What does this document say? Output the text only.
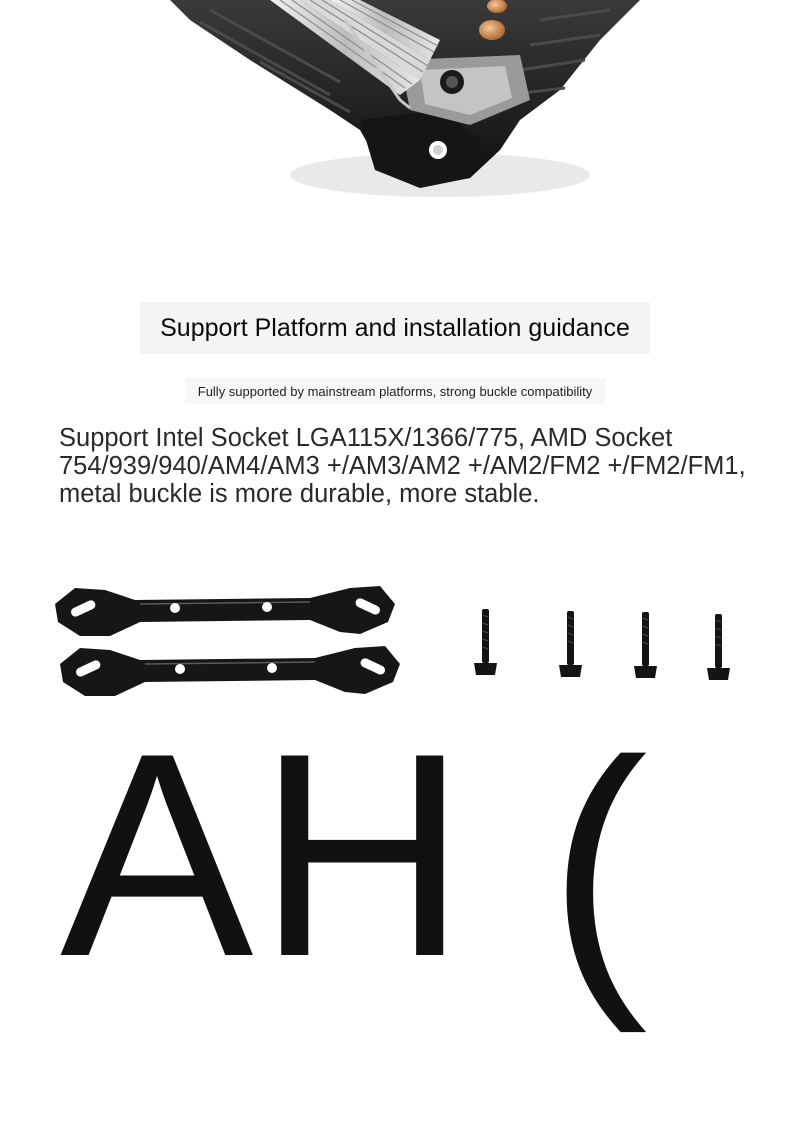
Support Platform and installation guidance
Fully supported by mainstream platforms, strong buckle compatibility
Support Intel Socket LGA115X/1366/775, AMD Socket 754/939/940/AM4/AM3 +/AM3/AM2 +/AM2/FM2 +/FM2/FM1, metal buckle is more durable, more stable.
AH (
